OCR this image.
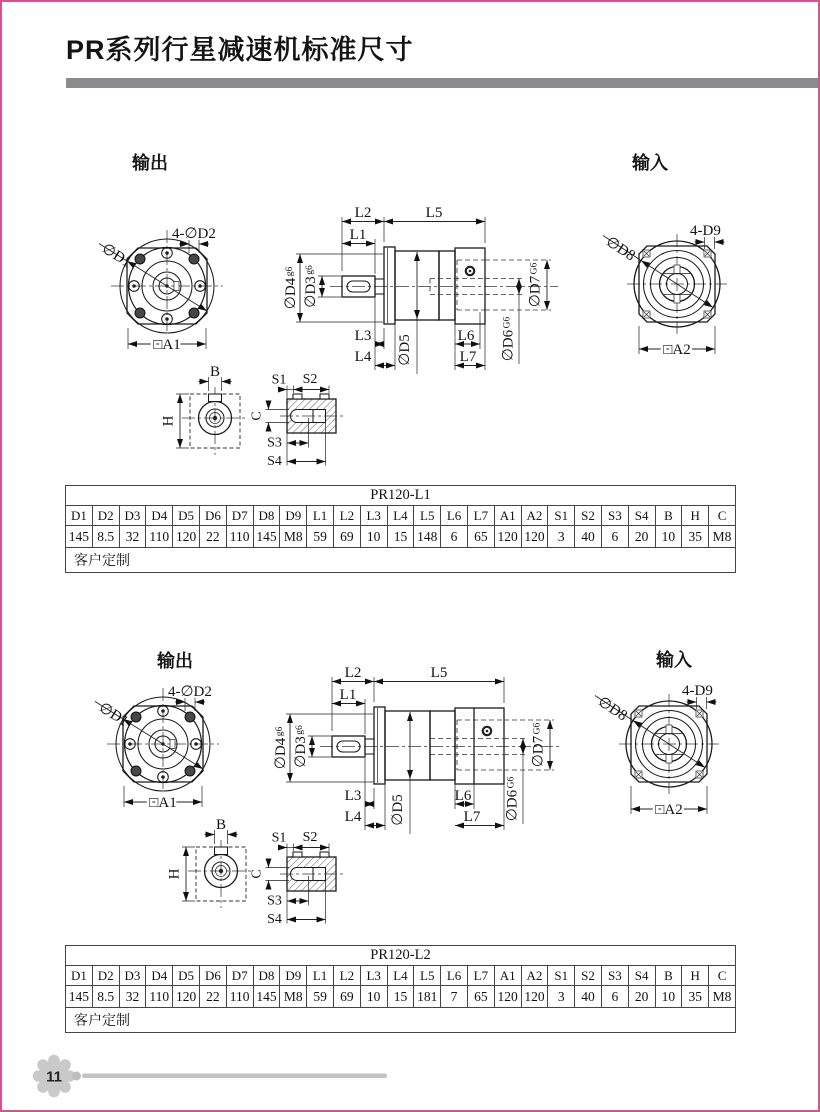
PR系列行星减速机标准尺寸
输出	输入
∅D1
4-∅D2
□A1
L2	L5
L1
$\emptyset D4^{g6}$
$\emptyset D3^{g6}$
$\emptyset D7^{G6}$
L3
L4 ∅D5	L6
L7 $\emptyset D6^{G6}$
∅D8
4-D9
□A2
B
H
S1 S2
C
S3
S4
PR120-L1																								
D1	D2	D3	D4	D5	D6	D7	D8	D9	L1	L2	L3	L4	L5	L6	L7	A1	A2	S1	S2	S3	S4	B	H	C
145	8.5	32	110	120	22	110	145	M8	59	69	10	15	148	6	65	120	120	3	40	6	20	10	35	M8
客户定制																								
输出	输入
∅D1
4-∅D2
□A1
L2	L5
L1
$\emptyset D4^{g6}$
$\emptyset D3^{g6}$
$\emptyset D7^{G6}$
L3
L4 ∅D5	L6
L7 $\emptyset D6^{G6}$
∅D8
4-D9
□A2
B
H
S1 S2
C
S3
S4
PR120-L2																								
D1	D2	D3	D4	D5	D6	D7	D8	D9	L1	L2	L3	L4	L5	L6	L7	A1	A2	S1	S2	S3	S4	B	H	C
145	8.5	32	110	120	22	110	145	M8	59	69	10	15	181	7	65	120	120	3	40	6	20	10	35	M8
客户定制																								
11
